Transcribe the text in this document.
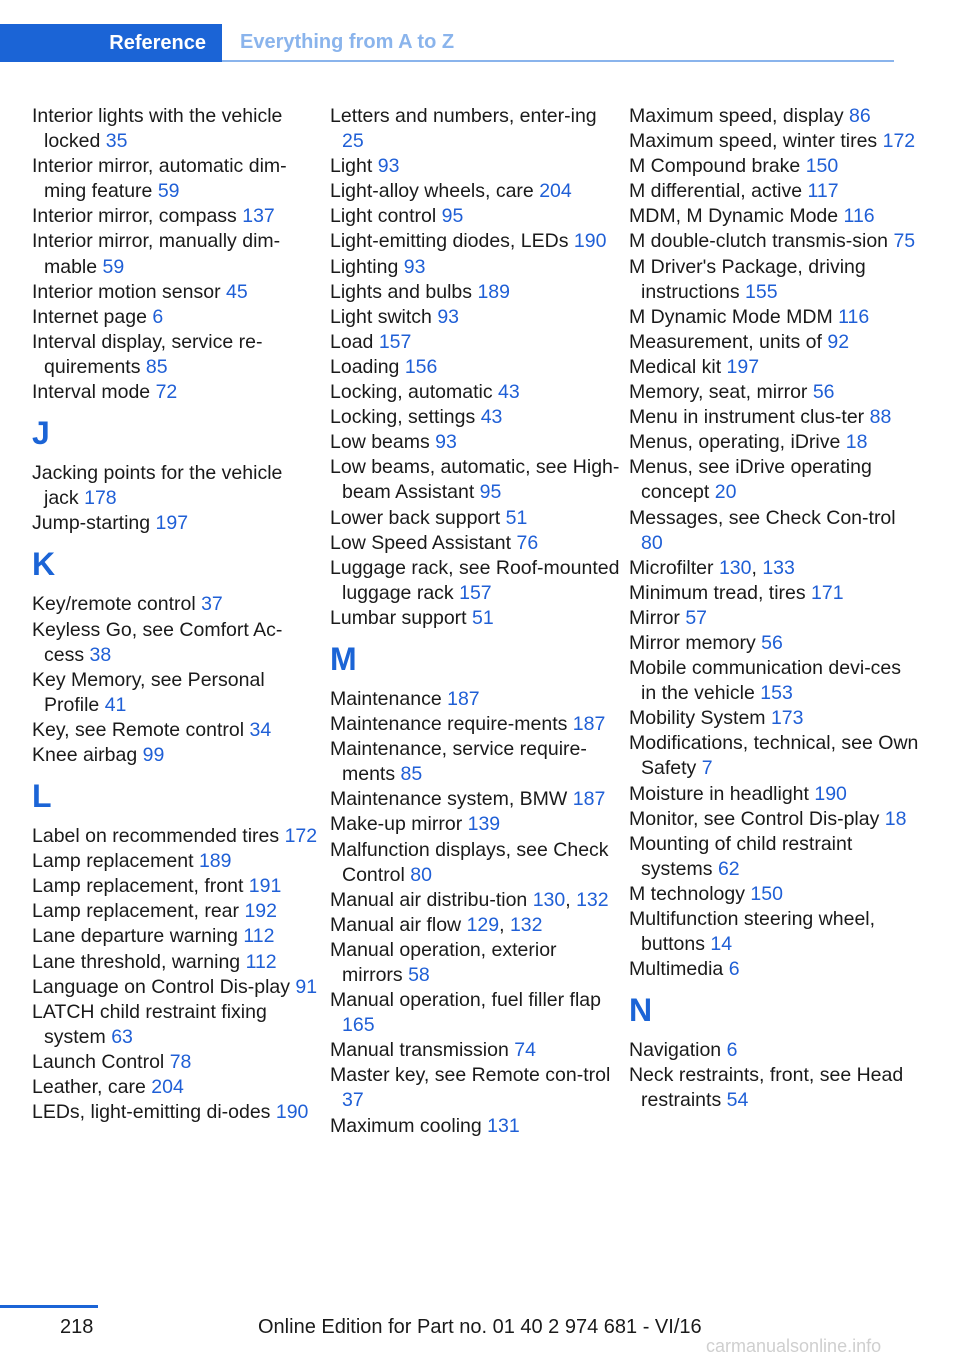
Reference	Everything from A to Z
Interior lights with the vehicle locked 35
Interior mirror, automatic dim‐ming feature 59
Interior mirror, compass 137
Interior mirror, manually dim‐mable 59
Interior motion sensor 45
Internet page 6
Interval display, service re‐quirements 85
Interval mode 72
J
Jacking points for the vehicle jack 178
Jump-starting 197
K
Key/remote control 37
Keyless Go, see Comfort Ac‐cess 38
Key Memory, see Personal Profile 41
Key, see Remote control 34
Knee airbag 99
L
Label on recommended tires 172
Lamp replacement 189
Lamp replacement, front 191
Lamp replacement, rear 192
Lane departure warning 112
Lane threshold, warning 112
Language on Control Dis‐play 91
LATCH child restraint fixing system 63
Launch Control 78
Leather, care 204
LEDs, light-emitting di‐odes 190
Letters and numbers, enter‐ing 25
Light 93
Light-alloy wheels, care 204
Light control 95
Light-emitting diodes, LEDs 190
Lighting 93
Lights and bulbs 189
Light switch 93
Load 157
Loading 156
Locking, automatic 43
Locking, settings 43
Low beams 93
Low beams, automatic, see High-beam Assistant 95
Lower back support 51
Low Speed Assistant 76
Luggage rack, see Roof-mounted luggage rack 157
Lumbar support 51
M
Maintenance 187
Maintenance require‐ments 187
Maintenance, service require‐ments 85
Maintenance system, BMW 187
Make-up mirror 139
Malfunction displays, see Check Control 80
Manual air distribu‐tion 130, 132
Manual air flow 129, 132
Manual operation, exterior mirrors 58
Manual operation, fuel filler flap 165
Manual transmission 74
Master key, see Remote con‐trol 37
Maximum cooling 131
Maximum speed, display 86
Maximum speed, winter tires 172
M Compound brake 150
M differential, active 117
MDM, M Dynamic Mode 116
M double-clutch transmis‐sion 75
M Driver's Package, driving instructions 155
M Dynamic Mode MDM 116
Measurement, units of 92
Medical kit 197
Memory, seat, mirror 56
Menu in instrument clus‐ter 88
Menus, operating, iDrive 18
Menus, see iDrive operating concept 20
Messages, see Check Con‐trol 80
Microfilter 130, 133
Minimum tread, tires 171
Mirror 57
Mirror memory 56
Mobile communication devi‐ces in the vehicle 153
Mobility System 173
Modifications, technical, see Own Safety 7
Moisture in headlight 190
Monitor, see Control Dis‐play 18
Mounting of child restraint systems 62
M technology 150
Multifunction steering wheel, buttons 14
Multimedia 6
N
Navigation 6
Neck restraints, front, see Head restraints 54
218	Online Edition for Part no. 01 40 2 974 681 - VI/16
carmanualsonline.info
